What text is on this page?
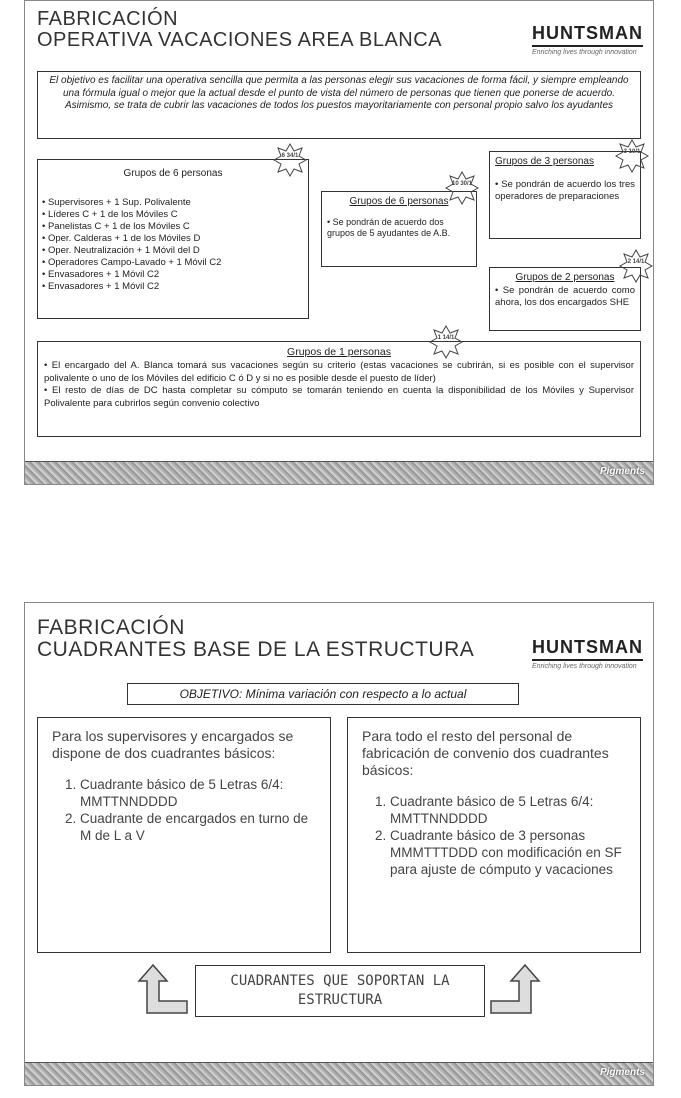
FABRICACIÓN
OPERATIVA VACACIONES AREA BLANCA	HUNTSMAN
Enriching lives through innovation
El objetivo es facilitar una operativa sencilla que permita a las personas elegir sus vacaciones de forma fácil, y siempre empleando una fórmula igual o mejor que la actual desde el punto de vista del número de personas que tienen que ponerse de acuerdo. Asimismo, se trata de cubrir las vacaciones de todos los puestos mayoritariamente con personal propio salvo los ayudantes
Grupos de 6 personas
• Supervisores + 1 Sup. Polivalente
• Líderes C + 1 de los Móviles C
• Panelistas C + 1 de los Móviles C
• Oper. Calderas + 1 de los Móviles D
• Oper. Neutralización + 1 Móvil del D
• Operadores Campo-Lavado + 1 Móvil C2
• Envasadores + 1 Móvil C2
• Envasadores + 1 Móvil C2
6 34/1
Grupos de 6 personas
• Se pondrán de acuerdo dos grupos de 5 ayudantes de A.B.
10 30/1
Grupos de 3 personas
• Se pondrán de acuerdo los tres operadores de preparaciones
3 10/1
Grupos de 2 personas
• Se pondrán de acuerdo como ahora, los dos encargados SHE
2 14/1
Grupos de 1 personas
• El encargado del A. Blanca tomará sus vacaciones según su criterio (estas vacaciones se cubrirán, si es posible con el supervisor polivalente o uno de los Móviles del edificio C ó D y si no es posible desde el puesto de líder)
• El resto de días de DC hasta completar su cómputo se tomarán teniendo en cuenta la disponibilidad de los Móviles y Supervisor Polivalente para cubrirlos según convenio colectivo
1 14/1
Pigments
FABRICACIÓN
CUADRANTES BASE DE LA ESTRUCTURA	HUNTSMAN
Enriching lives through innovation
OBJETIVO: Mínima variación con respecto a lo actual
Para los supervisores y encargados se dispone de dos cuadrantes básicos:
1. Cuadrante básico de 5 Letras 6/4: MMTTNNDDDD
2. Cuadrante de encargados en turno de M de L a V
Para todo el resto del personal de fabricación de convenio dos cuadrantes básicos:
1. Cuadrante básico de 5 Letras 6/4: MMTTNNDDDD
2. Cuadrante básico de 3 personas MMMTTTDDD con modificación en SF para ajuste de cómputo y vacaciones
CUADRANTES QUE SOPORTAN LA ESTRUCTURA
Pigments
